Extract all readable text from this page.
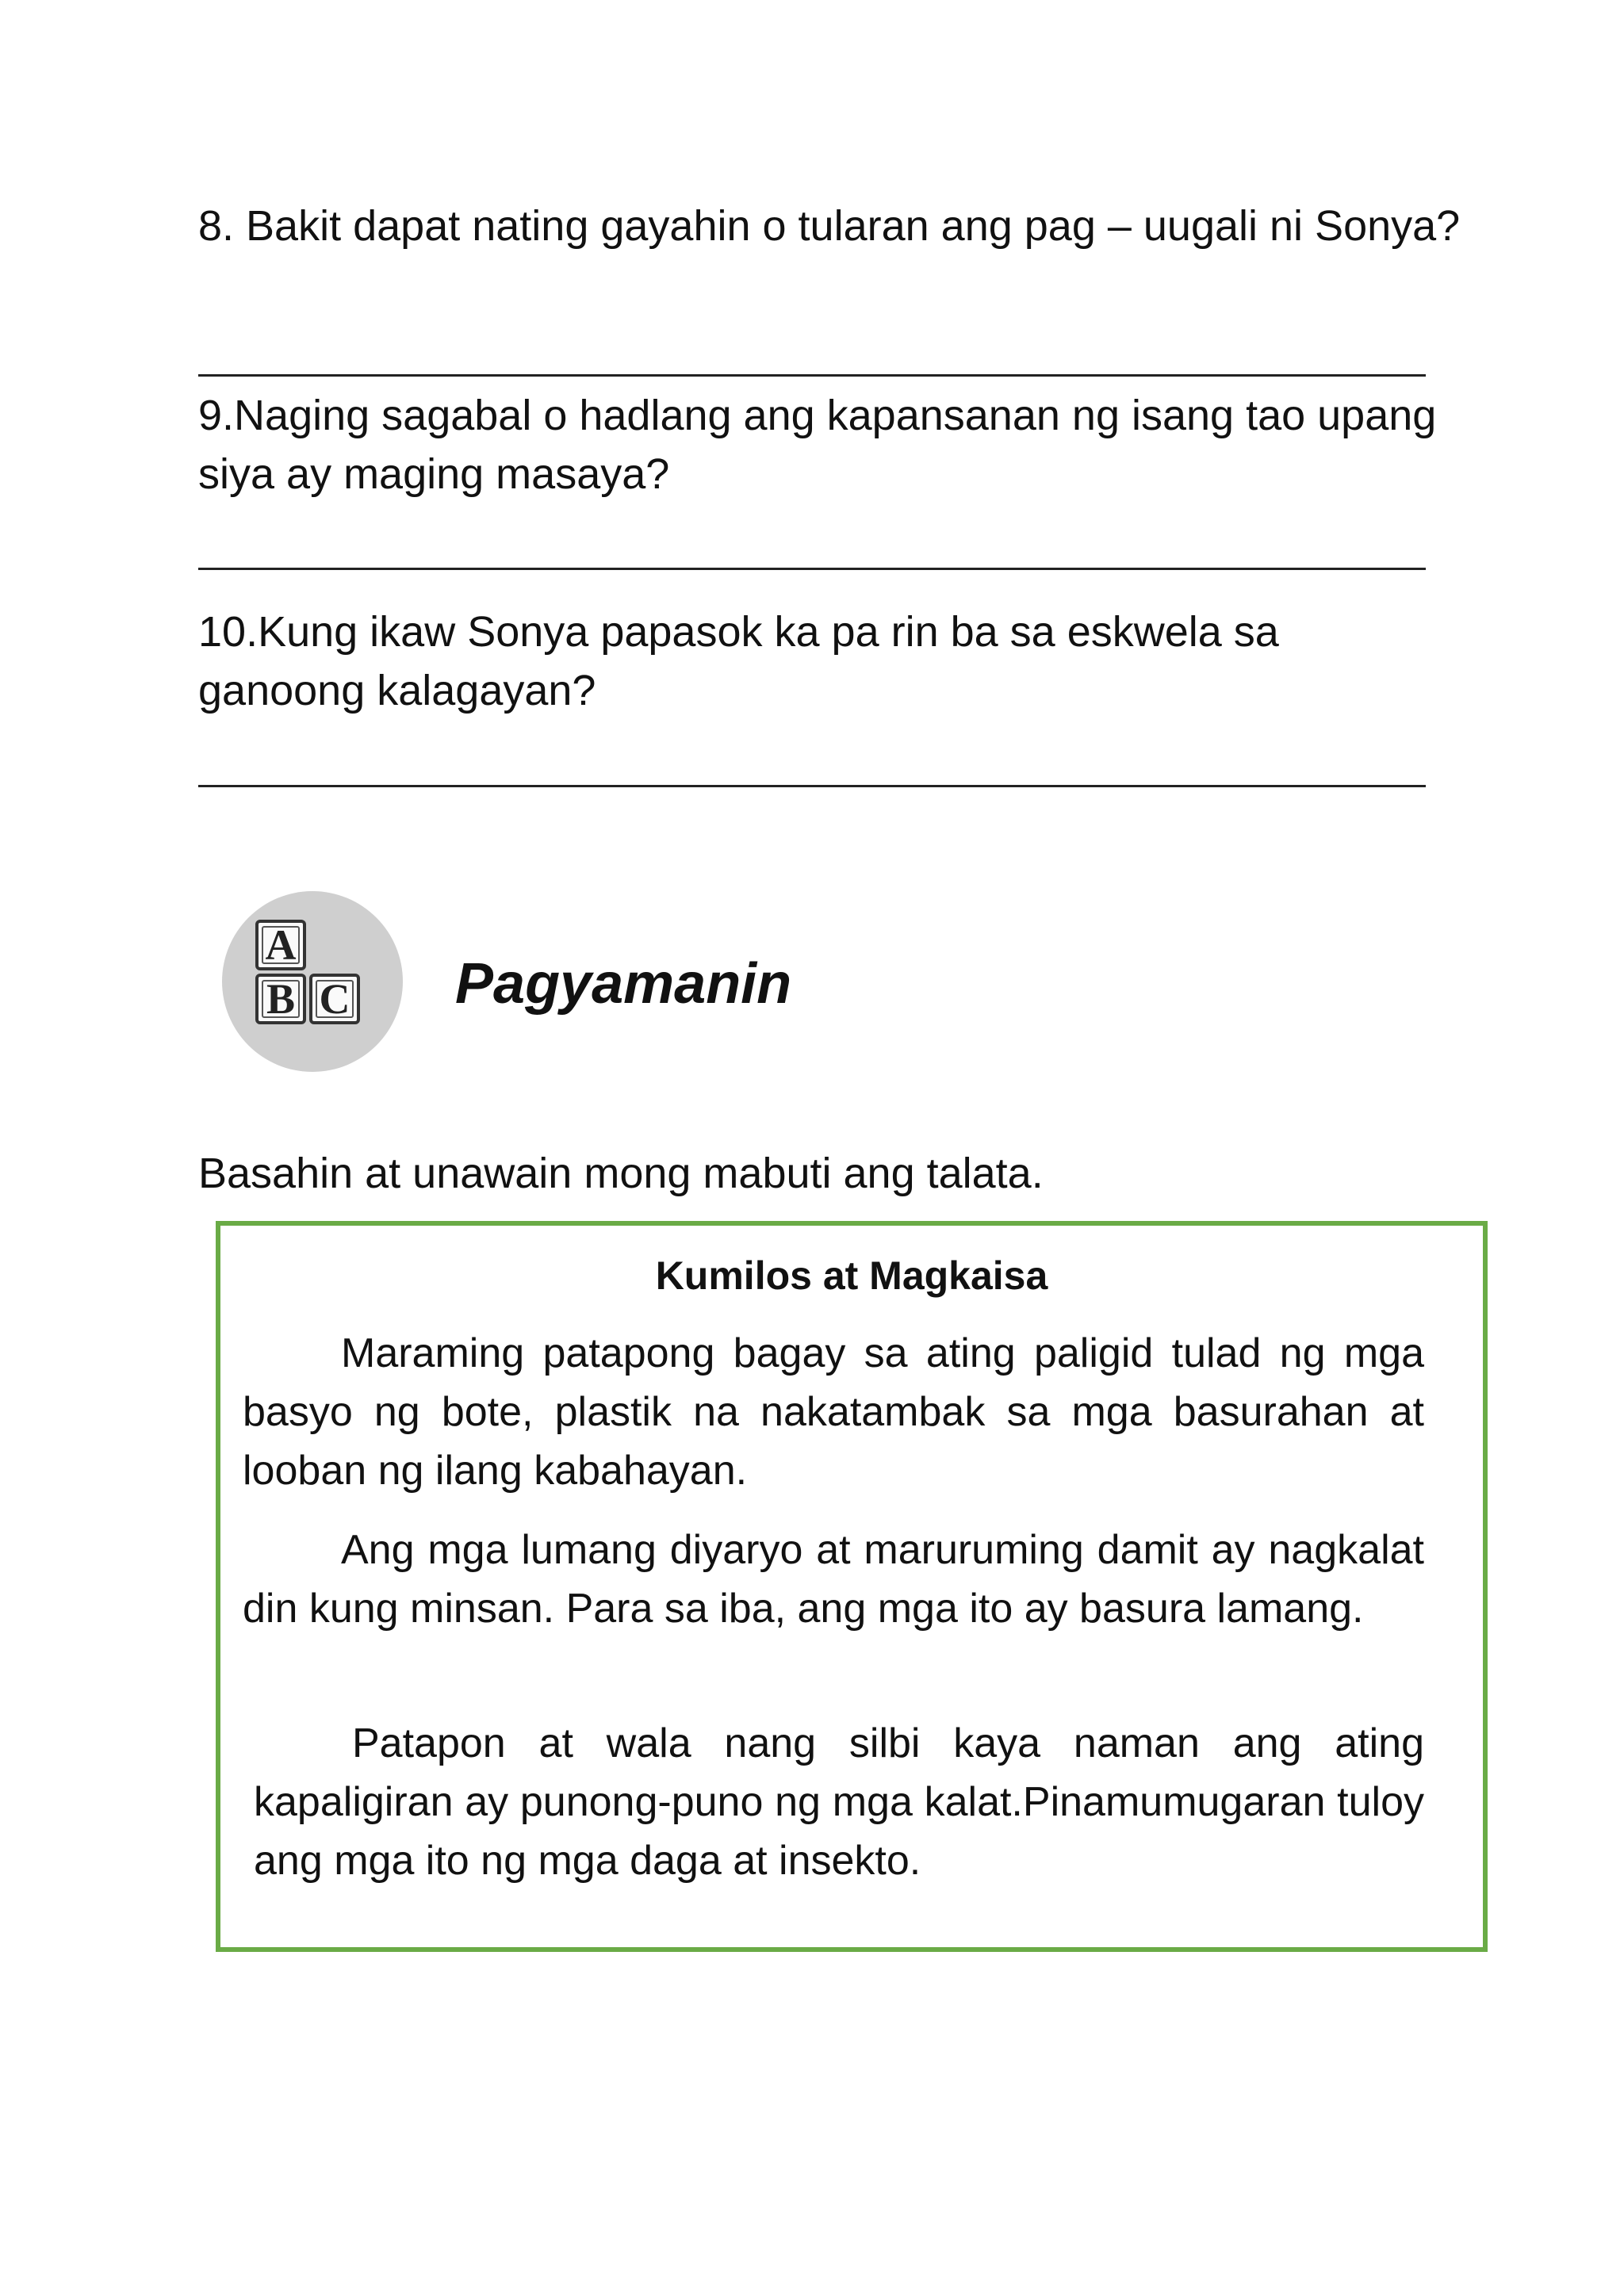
8. Bakit dapat nating gayahin o tularan ang pag – uugali ni Sonya?
9.Naging sagabal o hadlang ang kapansanan ng isang tao upang siya ay maging masaya?
10.Kung ikaw Sonya papasok ka pa rin ba sa eskwela sa ganoong kalagayan?
A
B C Pagyamanin
Basahin at unawain mong mabuti ang talata.
Kumilos at Magkaisa
Maraming patapong bagay sa ating paligid tulad ng mga basyo ng bote, plastik na nakatambak sa mga basurahan at looban ng ilang kabahayan.
Ang mga lumang diyaryo at maruruming damit ay nagkalat din kung minsan. Para sa iba, ang mga ito ay basura lamang.
Patapon at wala nang silbi kaya naman ang ating kapaligiran ay punong-puno ng mga kalat.Pinamumugaran tuloy ang mga ito ng mga daga at insekto.
